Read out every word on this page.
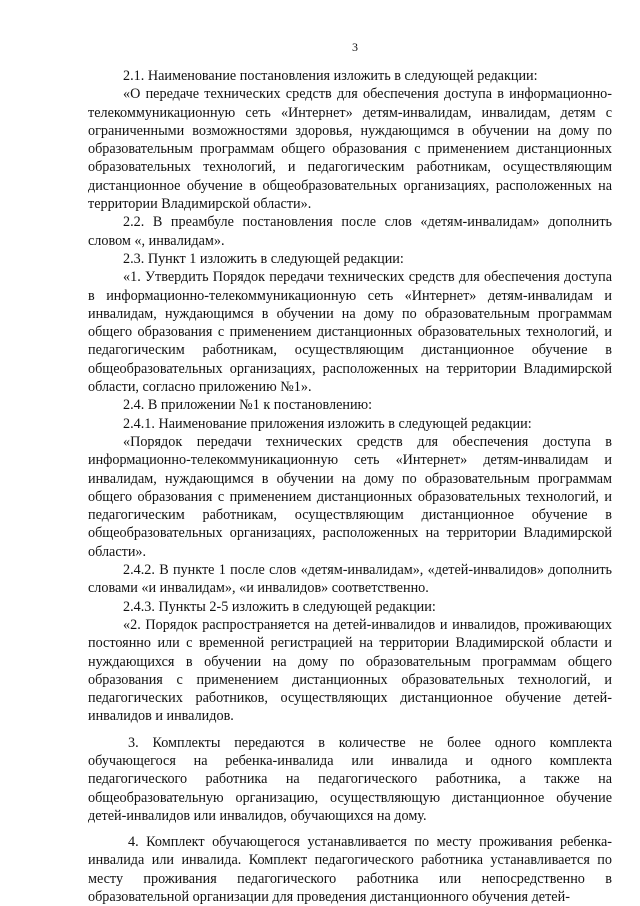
3

2.1. Наименование постановления изложить в следующей редакции:

«О передаче технических средств для обеспечения доступа в информационно-телекоммуникационную сеть «Интернет» детям-инвалидам, инвалидам, детям с ограниченными возможностями здоровья, нуждающимся в обучении на дому по образовательным программам общего образования с применением дистанционных образовательных технологий, и педагогическим работникам, осуществляющим дистанционное обучение в общеобразовательных организациях, расположенных на территории Владимирской области».

2.2. В преамбуле постановления после слов «детям-инвалидам» дополнить словом «, инвалидам».

2.3. Пункт 1 изложить в следующей редакции:

«1. Утвердить Порядок передачи технических средств для обеспечения доступа в информационно-телекоммуникационную сеть «Интернет» детям-инвалидам и инвалидам, нуждающимся в обучении на дому по образовательным программам общего образования с применением дистанционных образовательных технологий, и педагогическим работникам, осуществляющим дистанционное обучение в общеобразовательных организациях, расположенных на территории Владимирской области, согласно приложению №1».

2.4. В приложении №1 к постановлению:

2.4.1. Наименование приложения изложить в следующей редакции:

«Порядок передачи технических средств для обеспечения доступа в информационно-телекоммуникационную сеть «Интернет» детям-инвалидам и инвалидам, нуждающимся в обучении на дому по образовательным программам общего образования с применением дистанционных образовательных технологий, и педагогическим работникам, осуществляющим дистанционное обучение в общеобразовательных организациях, расположенных на территории Владимирской области».

2.4.2. В пункте 1 после слов «детям-инвалидам», «детей-инвалидов» дополнить словами «и инвалидам», «и инвалидов» соответственно.

2.4.3. Пункты 2-5 изложить в следующей редакции:

«2. Порядок распространяется на детей-инвалидов и инвалидов, проживающих постоянно или с временной регистрацией на территории Владимирской области и нуждающихся в обучении на дому по образовательным программам общего образования с применением дистанционных образовательных технологий, и педагогических работников, осуществляющих дистанционное обучение детей-инвалидов и инвалидов.

3. Комплекты передаются в количестве не более одного комплекта обучающегося на ребенка-инвалида или инвалида и одного комплекта педагогического работника на педагогического работника, а также на общеобразовательную организацию, осуществляющую дистанционное обучение детей-инвалидов или инвалидов, обучающихся на дому.

4. Комплект обучающегося устанавливается по месту проживания ребенка-инвалида или инвалида. Комплект педагогического работника устанавливается по месту проживания педагогического работника или непосредственно в образовательной организации для проведения дистанционного обучения детей-
